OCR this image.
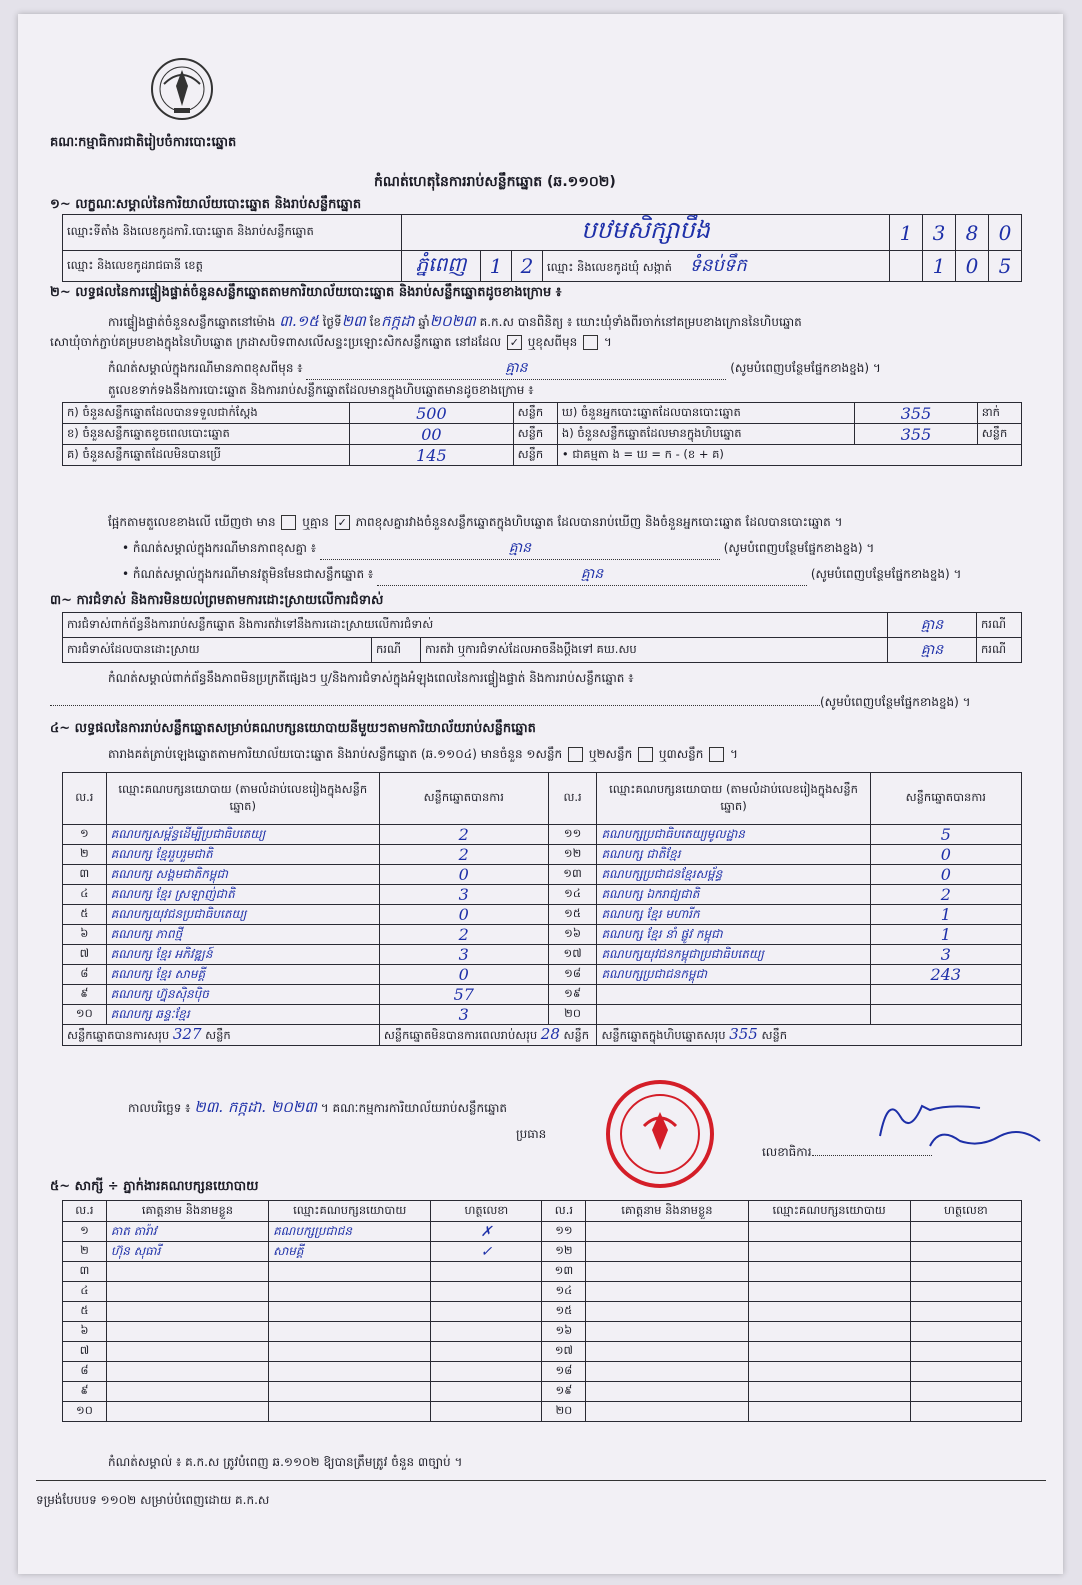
គណៈកម្មាធិការជាតិរៀបចំការបោះឆ្នោត
កំណត់ហេតុនៃការរាប់សន្លឹកឆ្នោត (ឆ.១១០២)
១~ លក្ខណៈសម្គាល់នៃការិយាល័យបោះឆ្នោត និងរាប់សន្លឹកឆ្នោត
ឈ្មោះទីតាំង និងលេខកូដការិ.បោះឆ្នោត និងរាប់សន្លឹកឆ្នោត	បឋមសិក្សាបឹង				1	3	8	0
ឈ្មោះ និងលេខកូដរាជធានី ខេត្ត	ភ្នំពេញ	1	2	ឈ្មោះ និងលេខកូដឃុំ សង្កាត់ ទំនប់ទឹក		1	0	5
២~ លទ្ធផលនៃការផ្ទៀងផ្ទាត់ចំនួនសន្លឹកឆ្នោតតាមការិយាល័យបោះឆ្នោត និងរាប់សន្លឹកឆ្នោតដូចខាងក្រោម ៖
ការផ្ទៀងផ្ទាត់ចំនួនសន្លឹកឆ្នោតនៅម៉ោង ៣.១៥ ថ្ងៃទី២៣ ខែកក្កដា ឆ្នាំ២០២៣ គ.ក.ស បានពិនិត្យ ៖ ឃោះឃុំទាំងពីរចាក់នៅគម្របខាងក្រោននៃហិបឆ្នោត
សោឃុំចាក់ភ្ជាប់គម្របខាងក្នុងនៃហិបឆ្នោត ក្រដាសបិទពាសលើសន្ទះប្រឡោះសិកសន្លឹកឆ្នោត នៅដដែល ✓ ឬខុសពីមុន  ។
កំណត់សម្គាល់ក្នុងករណីមានភាពខុសពីមុន ៖	គ្មាន	(សូមបំពេញបន្ថែមផ្នែកខាងខ្នង) ។
តួលេខទាក់ទងនឹងការបោះឆ្នោត និងការរាប់សន្លឹកឆ្នោតដែលមានក្នុងហិបឆ្នោតមានដូចខាងក្រោម ៖
ក) ចំនួនសន្លឹកឆ្នោតដែលបានទទួលជាក់ស្តែង	500	សន្លឹក	ឃ) ចំនួនអ្នកបោះឆ្នោតដែលបានបោះឆ្នោត	355	នាក់
ខ) ចំនួនសន្លឹកឆ្នោតខូចពេលបោះឆ្នោត	00	សន្លឹក	ង) ចំនួនសន្លឹកឆ្នោតដែលមានក្នុងហិបឆ្នោត	355	សន្លឹក
គ) ចំនួនសន្លឹកឆ្នោតដែលមិនបានប្រើ	145	សន្លឹក	• ជាគម្មតា ង = ឃ = ក - (ខ + គ)		
ផ្អែកតាមតួលេខខាងលើ ឃើញថា មាន ឬគ្មាន ✓ ភាពខុសគ្នារវាងចំនួនសន្លឹកឆ្នោតក្នុងហិបឆ្នោត ដែលបានរាប់ឃើញ និងចំនួនអ្នកបោះឆ្នោត ដែលបានបោះឆ្នោត ។
• កំណត់សម្គាល់ក្នុងករណីមានភាពខុសគ្នា ៖	គ្មាន	(សូមបំពេញបន្ថែមផ្នែកខាងខ្នង) ។
• កំណត់សម្គាល់ក្នុងករណីមានវត្ថុមិនមែនជាសន្លឹកឆ្នោត ៖	គ្មាន	(សូមបំពេញបន្ថែមផ្នែកខាងខ្នង) ។
៣~ ការជំទាស់ និងការមិនយល់ព្រមតាមការដោះស្រាយលើការជំទាស់
ការជំទាស់ពាក់ព័ន្ធនឹងការរាប់សន្លឹកឆ្នោត និងការតវ៉ាទៅនឹងការដោះស្រាយលើការជំទាស់			គ្មាន	ករណី
ការជំទាស់ដែលបានដោះស្រាយ	ករណី	ការតវ៉ា ឬការជំទាស់ដែលអាចនឹងប្តឹងទៅ គឃ.សប	គ្មាន	ករណី
កំណត់សម្គាល់ពាក់ព័ន្ធនឹងភាពមិនប្រក្រតីផ្សេងៗ ឬ/និងការជំទាស់ក្នុងអំឡុងពេលនៃការផ្ទៀងផ្ទាត់ និងការរាប់សន្លឹកឆ្នោត ៖
(សូមបំពេញបន្ថែមផ្នែកខាងខ្នង) ។
៤~ លទ្ធផលនៃការរាប់សន្លឹកឆ្នោតសម្រាប់គណបក្សនយោបាយនីមួយៗតាមការិយាល័យរាប់សន្លឹកឆ្នោត
តារាងគត់ត្រាប់ឡេងឆ្នោតតាមការិយាល័យបោះឆ្នោត និងរាប់សន្លឹកឆ្នោត (ឆ.១១០៤) មានចំនួន ១សន្លឹក ឬ២សន្លឹក ឬ៣សន្លឹក  ។
ល.រ	ឈ្មោះគណបក្សនយោបាយ (តាមលំដាប់លេខរៀងក្នុងសន្លឹកឆ្នោត)	សន្លឹកឆ្នោតបានការ	ល.រ	ឈ្មោះគណបក្សនយោបាយ (តាមលំដាប់លេខរៀងក្នុងសន្លឹកឆ្នោត)	សន្លឹកឆ្នោតបានការ
១	គណបក្សសម្ព័ន្ធដើម្បីប្រជាធិបតេយ្យ	2	១១	គណបក្សប្រជាធិបតេយ្យមូលដ្ឋាន	5
២	គណបក្ស ខ្មែររួបរួមជាតិ	2	១២	គណបក្ស ជាតិខ្មែរ	0
៣	គណបក្ស សង្គមជាតិកម្ពុជា	0	១៣	គណបក្សប្រជាជនខ្មែរសម្ព័ន្ធ	0
៤	គណបក្ស ខ្មែរ ស្រឡាញ់ជាតិ	3	១៤	គណបក្ស ឯករាជ្យជាតិ	2
៥	គណបក្សយុវជនប្រជាធិបតេយ្យ	0	១៥	គណបក្ស ខ្មែរ មហារីក	1
៦	គណបក្ស ភាពថ្មី	2	១៦	គណបក្ស ខ្មែរ នាំ ផ្លូវ កម្ពុជា	1
៧	គណបក្ស ខ្មែរ អភិវឌ្ឍន៍	3	១៧	គណបក្សយុវជនកម្ពុជាប្រជាធិបតេយ្យ	3
៨	គណបក្ស ខ្មែរ សាមគ្គី	0	១៨	គណបក្សប្រជាជនកម្ពុជា	243
៩	គណបក្ស ហ្វ៊ុនស៊ិនប៉ិច	57	១៩		
១០	គណបក្ស ឆន្ទៈខ្មែរ	3	២០		
សន្លឹកឆ្នោតបានការសរុប 327 សន្លឹក		សន្លឹកឆ្នោតមិនបានការពេលរាប់សរុប 28 សន្លឹក		សន្លឹកឆ្នោតក្នុងហិបឆ្នោតសរុប 355 សន្លឹក	
កាលបរិច្ឆេទ ៖ ២៣. កក្កដា. ២០២៣ ។ គណៈកម្មការការិយាល័យរាប់សន្លឹកឆ្នោត
ប្រធាន
លេខាធិការ
៥~ សាក្សី ÷ ភ្នាក់ងារគណបក្សនយោបាយ
ល.រ	គោត្តនាម និងនាមខ្លួន	ឈ្មោះគណបក្សនយោបាយ	ហត្ថលេខា	ល.រ	គោត្តនាម និងនាមខ្លួន	ឈ្មោះគណបក្សនយោបាយ	ហត្ថលេខា
១	គាត តារ៉ាវ	គណបក្សប្រជាជន	✗	១១			
២	ហ៊ុន សុធារី	សាមគ្គី	✓	១២			
៣				១៣			
៤				១៤			
៥				១៥			
៦				១៦			
៧				១៧			
៨				១៨			
៩				១៩			
១០				២០			
កំណត់សម្គាល់ ៖ គ.ក.ស ត្រូវបំពេញ ឆ.១១០២ ឱ្យបានត្រឹមត្រូវ ចំនួន ៣ច្បាប់ ។
ទម្រង់បែបបទ ១១០២ សម្រាប់បំពេញដោយ គ.ក.ស
